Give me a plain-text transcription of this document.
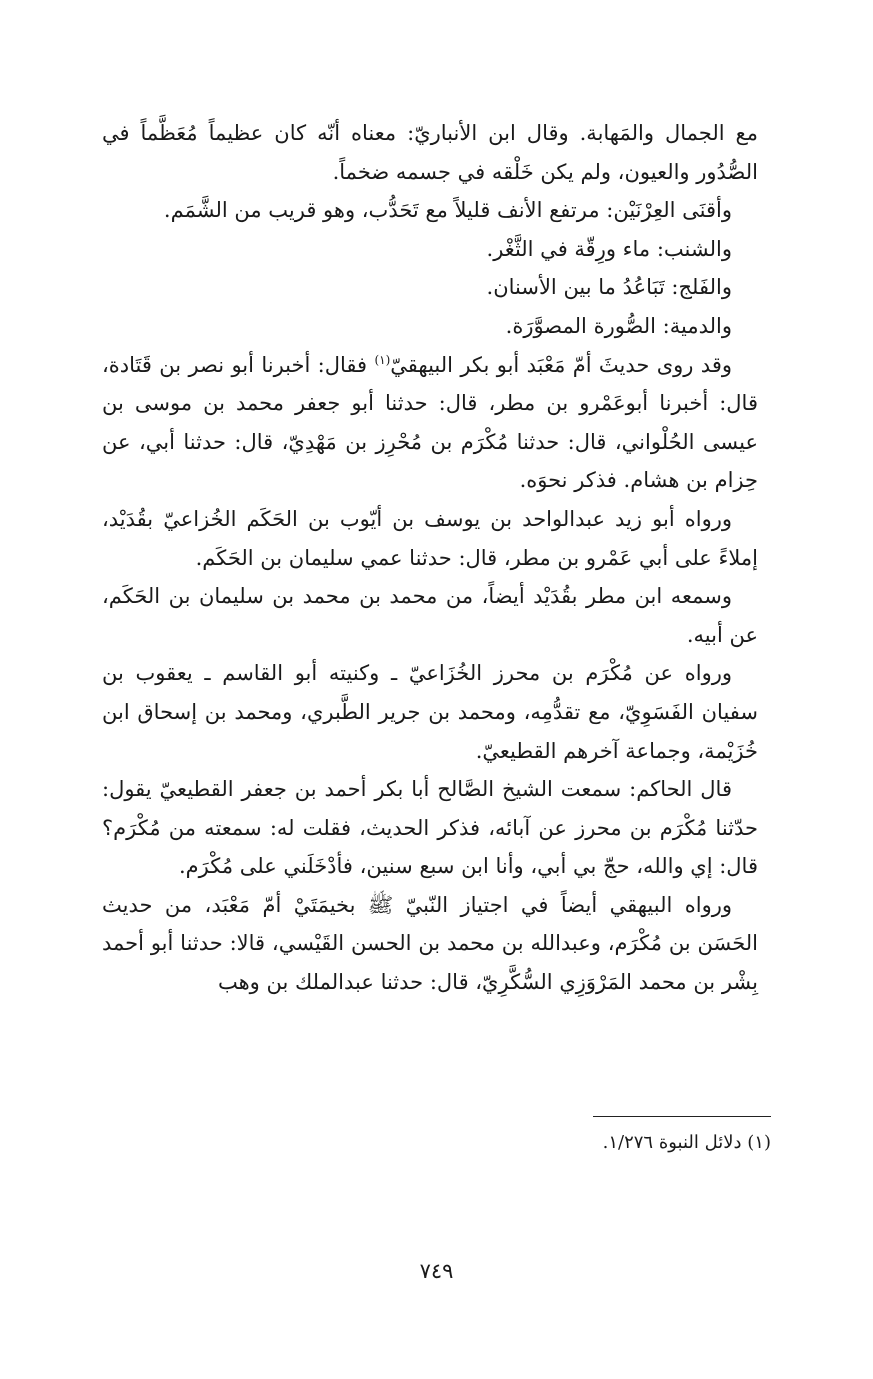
مع الجمال والمَهابة. وقال ابن الأنباريّ: معناه أنّه كان عظيماً مُعَظَّماً في الصُّدُور والعيون، ولم يكن خَلْقه في جسمه ضخماً.

وأقنَى العِرْنَيْن: مرتفع الأنف قليلاً مع تَحَدُّب، وهو قريب من الشَّمَم.

والشنب: ماء ورِقّة في الثَّغْر.

والفَلج: تَبَاعُدُ ما بين الأسنان.

والدمية: الصُّورة المصوَّرَة.

وقد روى حديثَ أمّ مَعْبَد أبو بكر البيهقيّ$^{(١)}$ فقال: أخبرنا أبو نصر بن قَتَادة، قال: أخبرنا أبوعَمْرو بن مطر، قال: حدثنا أبو جعفر محمد بن موسى بن عيسى الحُلْواني، قال: حدثنا مُكْرَم بن مُحْرِز بن مَهْدِيّ، قال: حدثنا أبي، عن حِزام بن هشام. فذكر نحوَه.

ورواه أبو زيد عبدالواحد بن يوسف بن أيّوب بن الحَكَم الخُزاعيّ بقُدَيْد، إملاءً على أبي عَمْرو بن مطر، قال: حدثنا عمي سليمان بن الحَكَم.

وسمعه ابن مطر بقُدَيْد أيضاً، من محمد بن محمد بن سليمان بن الحَكَم، عن أبيه.

ورواه عن مُكْرَم بن محرز الخُزَاعيّ ـ وكنيته أبو القاسم ـ يعقوب بن سفيان الفَسَوِيّ، مع تقدُّمِه، ومحمد بن جرير الطَّبري، ومحمد بن إسحاق ابن خُزَيْمة، وجماعة آخرهم القطيعيّ.

قال الحاكم: سمعت الشيخ الصَّالح أبا بكر أحمد بن جعفر القطيعيّ يقول: حدّثنا مُكْرَم بن محرز عن آبائه، فذكر الحديث، فقلت له: سمعته من مُكْرَم؟ قال: إي والله، حجّ بي أبي، وأنا ابن سبع سنين، فأدْخَلَني على مُكْرَم.

ورواه البيهقي أيضاً في اجتياز النّبيّ ﷺ بخيمَتَيْ أمّ مَعْبَد، من حديث الحَسَن بن مُكْرَم، وعبدالله بن محمد بن الحسن القَيْسي، قالا: حدثنا أبو أحمد بِشْر بن محمد المَرْوَزِي السُّكَّرِيّ، قال: حدثنا عبدالملك بن وهب

(١) دلائل النبوة ١/٢٧٦.
٧٤٩
